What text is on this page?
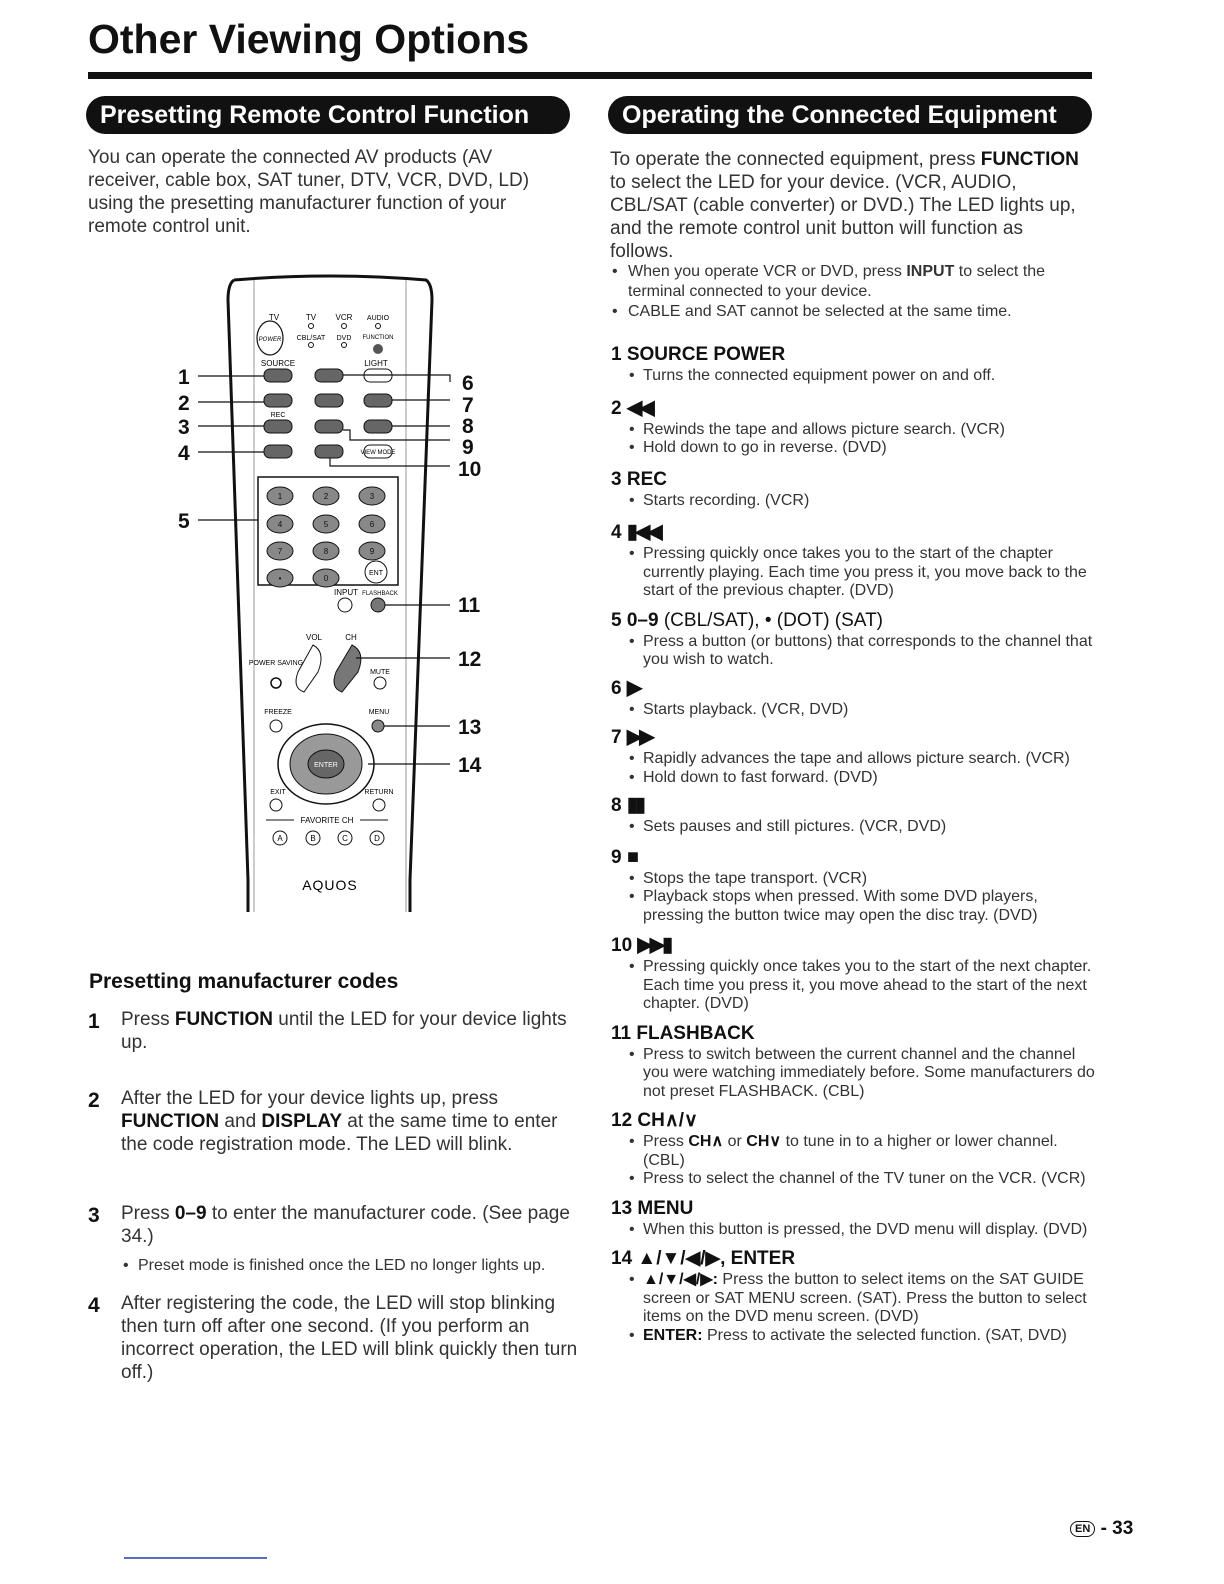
Other Viewing Options
Presetting Remote Control Function	Operating the Connected Equipment
You can operate the connected AV products (AV receiver, cable box, SAT tuner, DTV, VCR, DVD, LD) using the presetting manufacturer function of your remote control unit.
TV	TV VCR AUDIO
POWER CBL/SAT DVD FUNCTION
SOURCE	LIGHT
VIEW MODE
REC
1	2	3
4	5	6
7	8	9
•	0
ENT
INPUT FLASHBACK
VOL	CH
POWER SAVING
MUTE
FREEZE	MENU
ENTER
EXIT	RETURN
FAVORITE CH
A	B	C	D
AQUOS
1
2
3
4
5
6
7
8
9
10
11
12
13
14
Presetting manufacturer codes
1 Press FUNCTION until the LED for your device lights up.
2 After the LED for your device lights up, press FUNCTION and DISPLAY at the same time to enter the code registration mode. The LED will blink.
3 Press 0–9 to enter the manufacturer code. (See page 34.)
• Preset mode is finished once the LED no longer lights up.
4 After registering the code, the LED will stop blinking then turn off after one second. (If you perform an incorrect operation, the LED will blink quickly then turn off.)
To operate the connected equipment, press FUNCTION to select the LED for your device. (VCR, AUDIO, CBL/SAT (cable converter) or DVD.) The LED lights up, and the remote control unit button will function as follows.
• When you operate VCR or DVD, press INPUT to select the terminal connected to your device.
• CABLE and SAT cannot be selected at the same time.
1 SOURCE POWER
• Turns the connected equipment power on and off.
2 ◀◀
• Rewinds the tape and allows picture search. (VCR)
• Hold down to go in reverse. (DVD)
3 REC
• Starts recording. (VCR)
4 ▮◀◀
• Pressing quickly once takes you to the start of the chapter currently playing. Each time you press it, you move back to the start of the previous chapter. (DVD)
5 0–9 (CBL/SAT), • (DOT) (SAT)
• Press a button (or buttons) that corresponds to the channel that you wish to watch.
6 ▶
• Starts playback. (VCR, DVD)
7 ▶▶
• Rapidly advances the tape and allows picture search. (VCR)
• Hold down to fast forward. (DVD)
8 ▮▮
• Sets pauses and still pictures. (VCR, DVD)
9 ■
• Stops the tape transport. (VCR)
• Playback stops when pressed. With some DVD players, pressing the button twice may open the disc tray. (DVD)
10 ▶▶▮
• Pressing quickly once takes you to the start of the next chapter. Each time you press it, you move ahead to the start of the next chapter. (DVD)
11 FLASHBACK
• Press to switch between the current channel and the channel you were watching immediately before. Some manufacturers do not preset FLASHBACK. (CBL)
12 CH∧/∨
• Press CH∧ or CH∨ to tune in to a higher or lower channel. (CBL)
• Press to select the channel of the TV tuner on the VCR. (VCR)
13 MENU
• When this button is pressed, the DVD menu will display. (DVD)
14 ▲/▼/◀/▶, ENTER
• ▲/▼/◀/▶: Press the button to select items on the SAT GUIDE screen or SAT MENU screen. (SAT). Press the button to select items on the DVD menu screen. (DVD)
• ENTER: Press to activate the selected function. (SAT, DVD)
EN - 33
